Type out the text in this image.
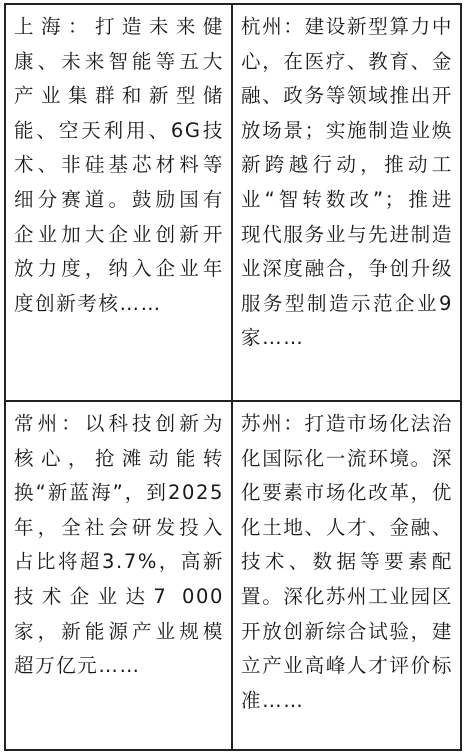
上海：打造未来健康、未来智能等五大产业集群和新型储能、空天利用、6G技术、非硅基芯材料等细分赛道。鼓励国有企业加大企业创新开放力度，纳入企业年度创新考核……

杭州：建设新型算力中心，在医疗、教育、金融、政务等领域推出开放场景；实施制造业焕新跨越行动，推动工业“智转数改”；推进现代服务业与先进制造业深度融合，争创升级服务型制造示范企业9家……

常州：以科技创新为核心，抢滩动能转换“新蓝海”，到2025年，全社会研发投入占比将超3.7%，高新技术企业达7 000家，新能源产业规模超万亿元……

苏州：打造市场化法治化国际化一流环境。深化要素市场化改革，优化土地、人才、金融、技术、数据等要素配置。深化苏州工业园区开放创新综合试验，建立产业高峰人才评价标准……
